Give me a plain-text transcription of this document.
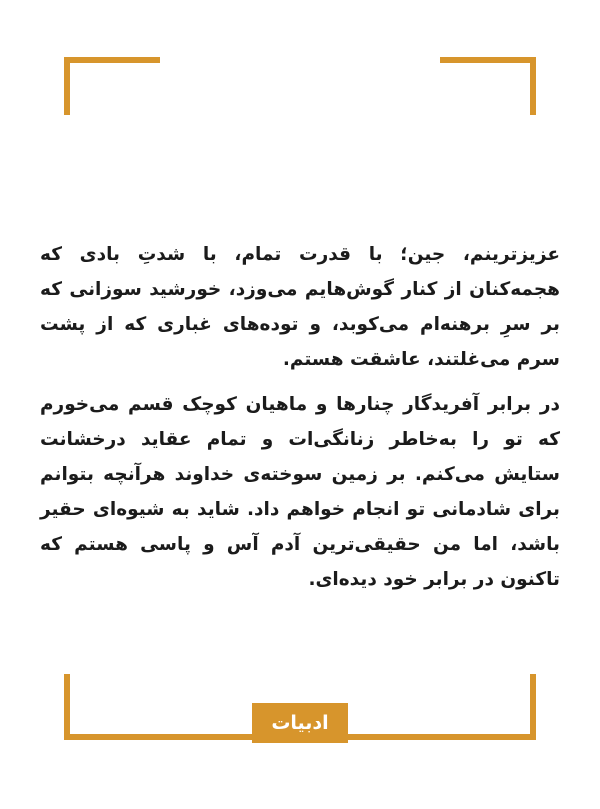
عزیزترینم، جین؛ با قدرت تمام، با شدتِ بادی که هجمه‌کنان از کنار گوش‌هایم می‌وزد، خورشید سوزانی که بر سرِ برهنه‌ام می‌کوبد، و توده‌های غباری که از پشت سرم می‌غلتند، عاشقت هستم.
در برابر آفریدگار چنارها و ماهیان کوچک قسم می‌خورم که تو را به‌خاطر زنانگی‌ات و تمام عقاید درخشانت ستایش می‌کنم. بر زمین سوخته‌ی خداوند هرآنچه بتوانم برای شادمانی تو انجام خواهم داد. شاید به شیوه‌ای حقیر باشد، اما من حقیقی‌ترین آدم آس و پاسی هستم که تاکنون در برابر خود دیده‌ای.
ادبیات
